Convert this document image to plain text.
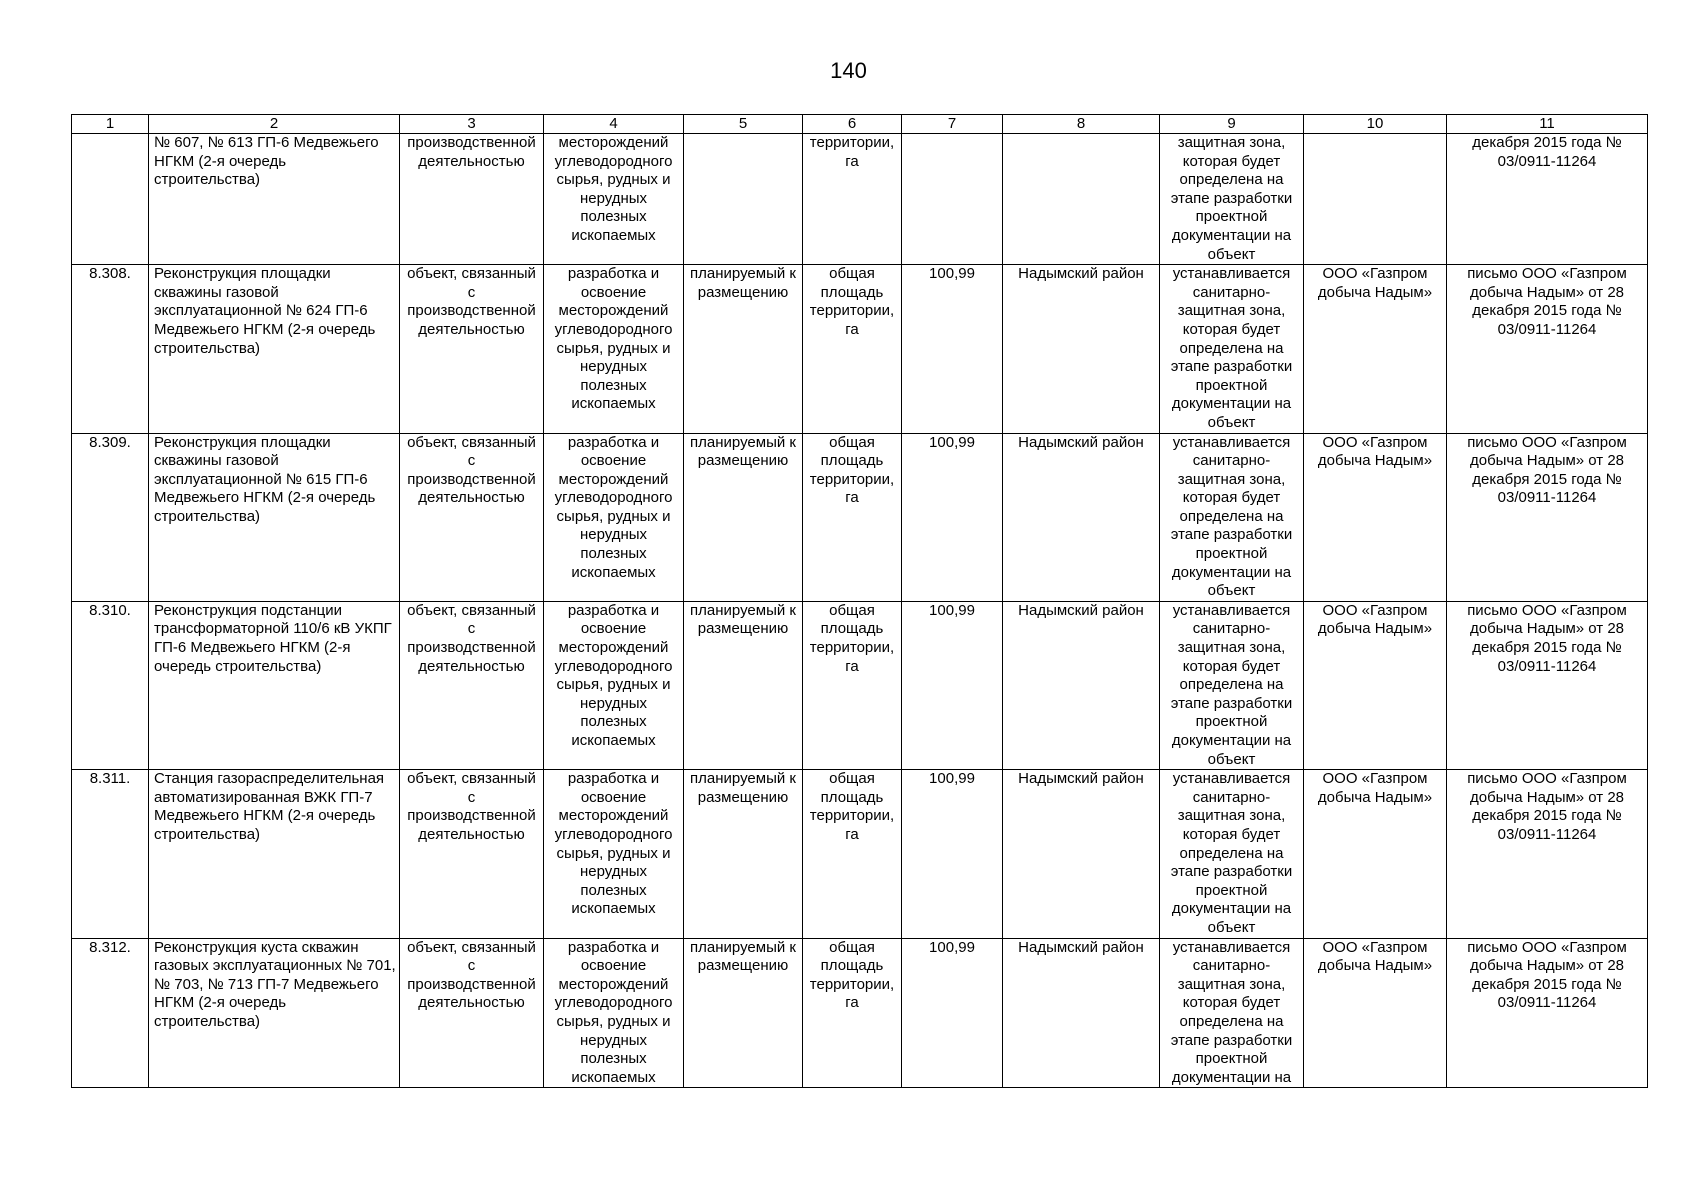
140
1	2	3	4	5	6	7	8	9	10	11
	№ 607, № 613 ГП-6 Медвежьего НГКМ (2-я очередь строительства)	производственной деятельностью	месторождений углеводородного сырья, рудных и нерудных полезных ископаемых		территории, га			защитная зона, которая будет определена на этапе разработки проектной документации на объект		декабря 2015 года № 03/0911-11264
8.308.	Реконструкция площадки скважины газовой эксплуатационной № 624 ГП-6 Медвежьего НГКМ (2-я очередь строительства)	объект, связанный с производственной деятельностью	разработка и освоение месторождений углеводородного сырья, рудных и нерудных полезных ископаемых	планируемый к размещению	общая площадь территории, га	100,99	Надымский район	устанавливается санитарно-защитная зона, которая будет определена на этапе разработки проектной документации на объект	ООО «Газпром добыча Надым»	письмо ООО «Газпром добыча Надым» от 28 декабря 2015 года № 03/0911-11264
8.309.	Реконструкция площадки скважины газовой эксплуатационной № 615 ГП-6 Медвежьего НГКМ (2-я очередь строительства)	объект, связанный с производственной деятельностью	разработка и освоение месторождений углеводородного сырья, рудных и нерудных полезных ископаемых	планируемый к размещению	общая площадь территории, га	100,99	Надымский район	устанавливается санитарно-защитная зона, которая будет определена на этапе разработки проектной документации на объект	ООО «Газпром добыча Надым»	письмо ООО «Газпром добыча Надым» от 28 декабря 2015 года № 03/0911-11264
8.310.	Реконструкция подстанции трансформаторной 110/6 кВ УКПГ ГП-6 Медвежьего НГКМ (2-я очередь строительства)	объект, связанный с производственной деятельностью	разработка и освоение месторождений углеводородного сырья, рудных и нерудных полезных ископаемых	планируемый к размещению	общая площадь территории, га	100,99	Надымский район	устанавливается санитарно-защитная зона, которая будет определена на этапе разработки проектной документации на объект	ООО «Газпром добыча Надым»	письмо ООО «Газпром добыча Надым» от 28 декабря 2015 года № 03/0911-11264
8.311.	Станция газораспределительная автоматизированная ВЖК ГП-7 Медвежьего НГКМ (2-я очередь строительства)	объект, связанный с производственной деятельностью	разработка и освоение месторождений углеводородного сырья, рудных и нерудных полезных ископаемых	планируемый к размещению	общая площадь территории, га	100,99	Надымский район	устанавливается санитарно-защитная зона, которая будет определена на этапе разработки проектной документации на объект	ООО «Газпром добыча Надым»	письмо ООО «Газпром добыча Надым» от 28 декабря 2015 года № 03/0911-11264
8.312.	Реконструкция куста скважин газовых эксплуатационных № 701, № 703, № 713 ГП-7 Медвежьего НГКМ (2-я очередь строительства)	объект, связанный с производственной деятельностью	разработка и освоение месторождений углеводородного сырья, рудных и нерудных полезных ископаемых	планируемый к размещению	общая площадь территории, га	100,99	Надымский район	устанавливается санитарно-защитная зона, которая будет определена на этапе разработки проектной документации на	ООО «Газпром добыча Надым»	письмо ООО «Газпром добыча Надым» от 28 декабря 2015 года № 03/0911-11264
